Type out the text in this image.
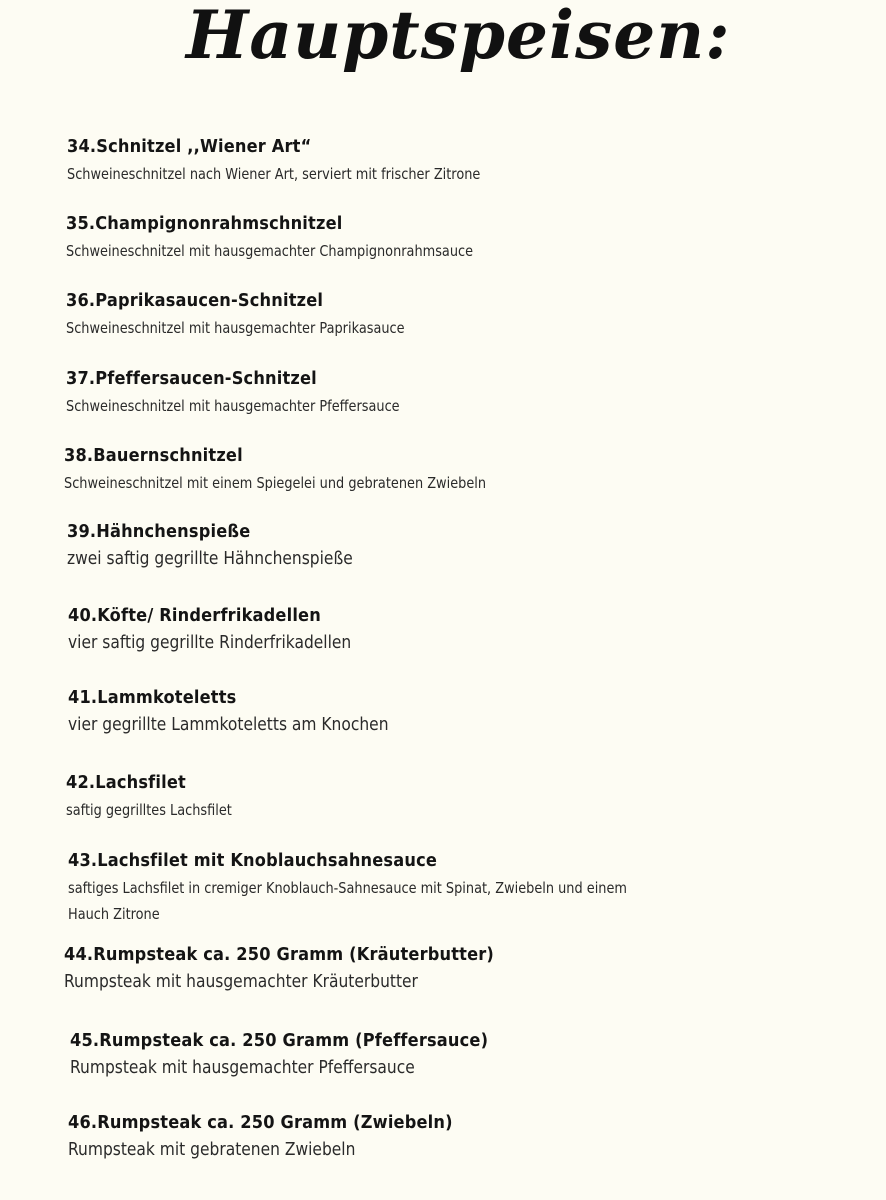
Hauptspeisen:
34.Schnitzel ,,Wiener Art“
Schweineschnitzel nach Wiener Art, serviert mit frischer Zitrone
35.Champignonrahmschnitzel
Schweineschnitzel mit hausgemachter Champignonrahmsauce
36.Paprikasaucen-Schnitzel
Schweineschnitzel mit hausgemachter Paprikasauce
37.Pfeffersaucen-Schnitzel
Schweineschnitzel mit hausgemachter Pfeffersauce
38.Bauernschnitzel
Schweineschnitzel mit einem Spiegelei und gebratenen Zwiebeln
39.Hähnchenspieße
zwei saftig gegrillte Hähnchenspieße
40.Köfte/ Rinderfrikadellen
vier saftig gegrillte Rinderfrikadellen
41.Lammkoteletts
vier gegrillte Lammkoteletts am Knochen
42.Lachsfilet
saftig gegrilltes Lachsfilet
43.Lachsfilet mit Knoblauchsahnesauce
saftiges Lachsfilet in cremiger Knoblauch-Sahnesauce mit Spinat, Zwiebeln und einem Hauch Zitrone
44.Rumpsteak ca. 250 Gramm (Kräuterbutter)
Rumpsteak mit hausgemachter Kräuterbutter
45.Rumpsteak ca. 250 Gramm (Pfeffersauce)
Rumpsteak mit hausgemachter Pfeffersauce
46.Rumpsteak ca. 250 Gramm (Zwiebeln)
Rumpsteak mit gebratenen Zwiebeln
